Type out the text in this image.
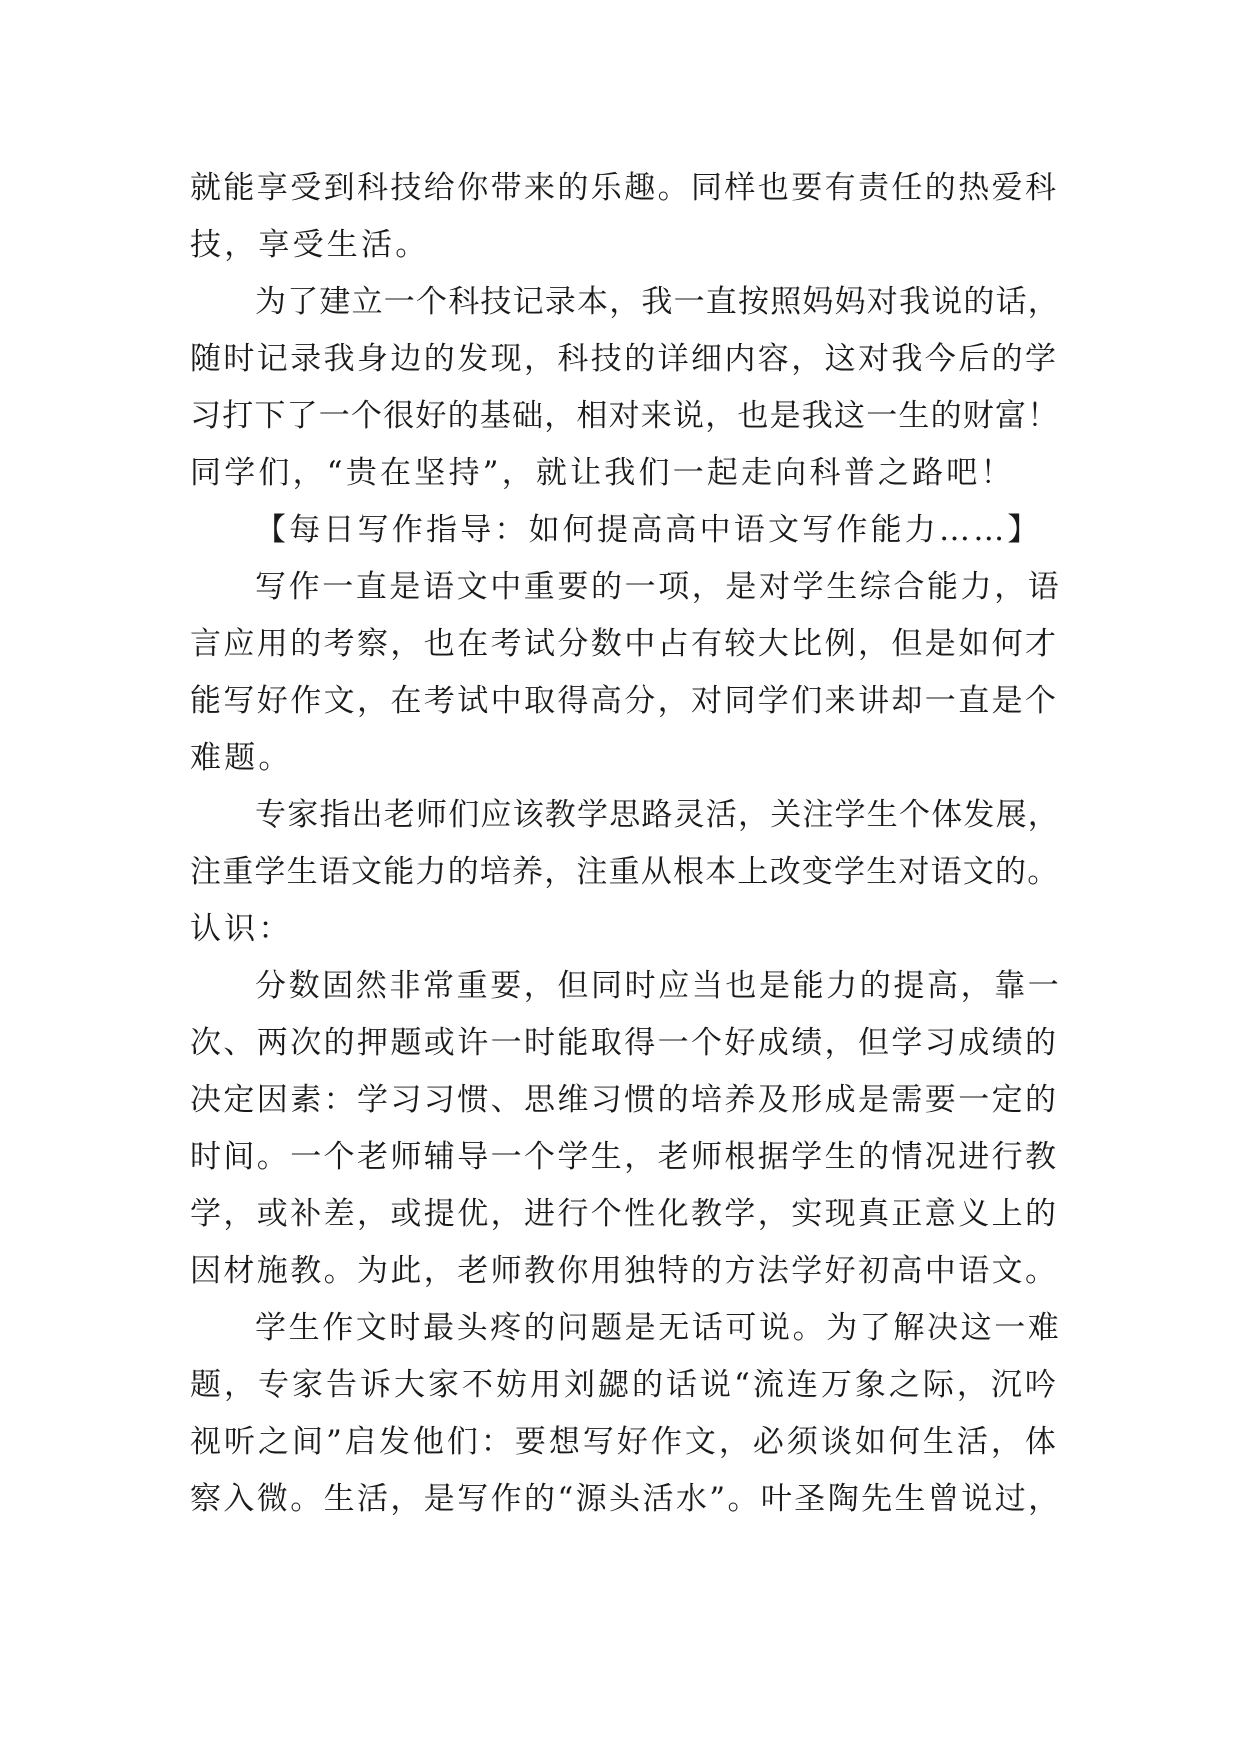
就能享受到科技给你带来的乐趣。同样也要有责任的热爱科
技，享受生活。
为了建立一个科技记录本，我一直按照妈妈对我说的话，
随时记录我身边的发现，科技的详细内容，这对我今后的学
习打下了一个很好的基础，相对来说，也是我这一生的财富！
同学们，“贵在坚持”，就让我们一起走向科普之路吧！
【每日写作指导：如何提高高中语文写作能力……】
写作一直是语文中重要的一项，是对学生综合能力，语
言应用的考察，也在考试分数中占有较大比例，但是如何才
能写好作文，在考试中取得高分，对同学们来讲却一直是个
难题。
专家指出老师们应该教学思路灵活，关注学生个体发展，
注重学生语文能力的培养，注重从根本上改变学生对语文的。
认识：
分数固然非常重要，但同时应当也是能力的提高，靠一
次、两次的押题或许一时能取得一个好成绩，但学习成绩的
决定因素：学习习惯、思维习惯的培养及形成是需要一定的
时间。一个老师辅导一个学生，老师根据学生的情况进行教
学，或补差，或提优，进行个性化教学，实现真正意义上的
因材施教。为此，老师教你用独特的方法学好初高中语文。
学生作文时最头疼的问题是无话可说。为了解决这一难
题，专家告诉大家不妨用刘勰的话说“流连万象之际，沉吟
视听之间”启发他们：要想写好作文，必须谈如何生活，体
察入微。生活，是写作的“源头活水”。叶圣陶先生曾说过，
